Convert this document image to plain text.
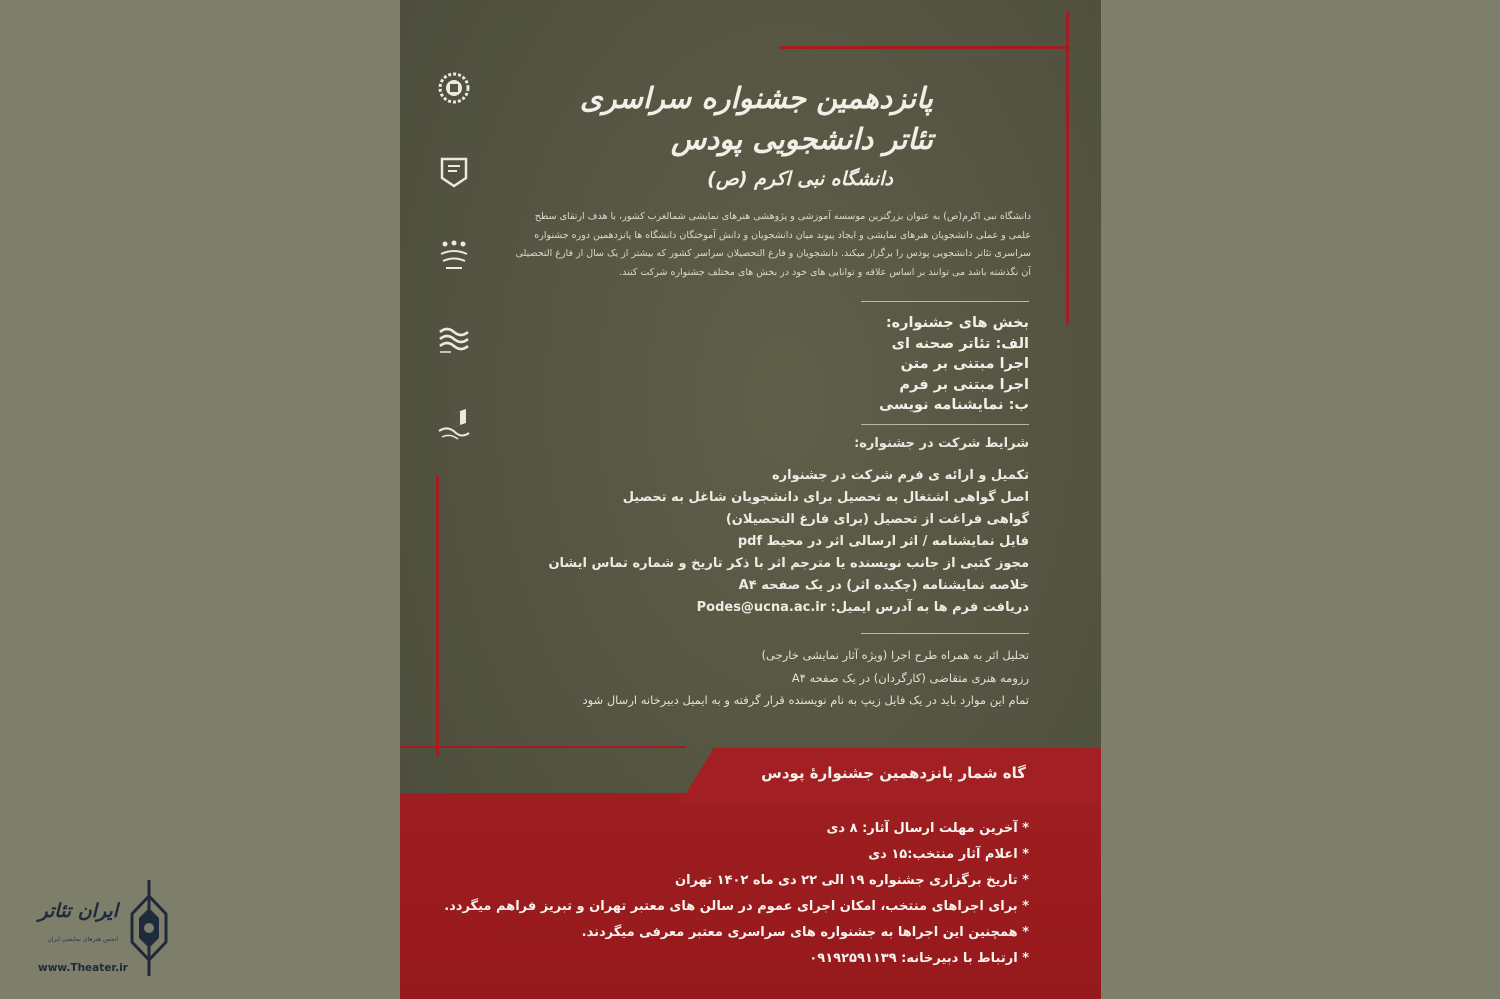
پانزدهمین جشنواره سراسری
تئاتر دانشجویی پودس
دانشگاه نبی اکرم (ص)
دانشگاه نبی اکرم(ص) به عنوان بزرگترین موسسه آموزشی و پژوهشی هنرهای نمایشی شمالغرب کشور، با هدف ارتقای سطح علمی و عملی دانشجویان هنرهای نمایشی و ایجاد پیوند میان دانشجویان و دانش آموختگان دانشگاه ها پانزدهمین دوره جشنواره سراسری تئاتر دانشجویی پودس را برگزار میکند. دانشجویان و فارغ التحصیلان سراسر کشور که بیشتر از یک سال از فارغ التحصیلی آن نگذشته باشد می توانند بر اساس علاقه و توانایی های خود در بخش های مختلف جشنواره شرکت کنند.
بخش های جشنواره:
الف: تئاتر صحنه ای
اجرا مبتنی بر متن
اجرا مبتنی بر فرم
ب: نمایشنامه نویسی
شرایط شرکت در جشنواره:
تکمیل و ارائه ی فرم شرکت در جشنواره
اصل گواهی اشتغال به تحصیل برای دانشجویان شاغل به تحصیل
گواهی فراغت از تحصیل (برای فارغ التحصیلان)
فایل نمایشنامه / اثر ارسالی اثر در محیط pdf
مجوز کتبی از جانب نویسنده یا مترجم اثر با ذکر تاریخ و شماره تماس ایشان
خلاصه نمایشنامه (چکیده اثر) در یک صفحه A۴
دریافت فرم ها به آدرس ایمیل: Podes@ucna.ac.ir
تحلیل اثر به همراه طرح اجرا (ویژه آثار نمایشی خارجی)
رزومه هنری متقاضی (کارگردان) در یک صفحه A۴
تمام این موارد باید در یک فایل زیپ به نام نویسنده قرار گرفته و به ایمیل دبیرخانه ارسال شود
گاه شمار پانزدهمین جشنوارهٔ پودس
* آخرین مهلت ارسال آثار: ۸ دی
* اعلام آثار منتخب:۱۵ دی
* تاریخ برگزاری جشنواره ۱۹ الی ۲۲ دی ماه ۱۴۰۲ تهران
* برای اجراهای منتخب، امکان اجرای عموم در سالن های معتبر تهران و تبریز فراهم میگردد.
* همچنین این اجراها به جشنواره های سراسری معتبر معرفی میگردند.
* ارتباط با دبیرخانه: ۰۹۱۹۲۵۹۱۱۳۹
ایران تئاتر
انجمن هنرهای نمایشی ایران
www.Theater.ir
